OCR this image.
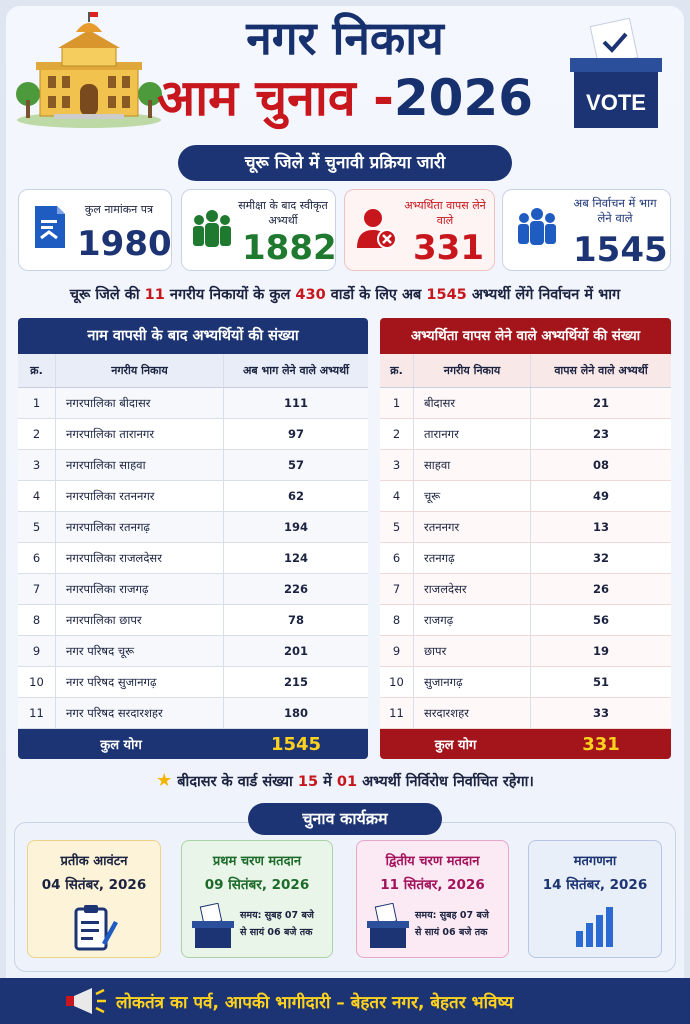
नगर निकाय
आम चुनाव -2026	VOTE
चूरू जिले में चुनावी प्रक्रिया जारी
कुल नामांकन पत्र
1980
समीक्षा के बाद स्वीकृत अभ्यर्थी
1882
अभ्यर्थिता वापस लेने वाले
331
अब निर्वाचन में भाग लेने वाले
1545
चूरू जिले की 11 नगरीय निकायों के कुल 430 वार्डो के लिए अब 1545 अभ्यर्थी लेंगे निर्वाचन में भाग
नाम वापसी के बाद अभ्यर्थियों की संख्या
क्र.	नगरीय निकाय	अब भाग लेने वाले अभ्यर्थी
1	नगरपालिका बीदासर	111
2	नगरपालिका तारानगर	97
3	नगरपालिका साहवा	57
4	नगरपालिका रतननगर	62
5	नगरपालिका रतनगढ़	194
6	नगरपालिका राजलदेसर	124
7	नगरपालिका राजगढ़	226
8	नगरपालिका छापर	78
9	नगर परिषद चूरू	201
10	नगर परिषद सुजानगढ़	215
11	नगर परिषद सरदारशहर	180
कुल योग	1545
अभ्यर्थिता वापस लेने वाले अभ्यर्थियों की संख्या
क्र.	नगरीय निकाय	वापस लेने वाले अभ्यर्थी
1	बीदासर	21
2	तारानगर	23
3	साहवा	08
4	चूरू	49
5	रतननगर	13
6	रतनगढ़	32
7	राजलदेसर	26
8	राजगढ़	56
9	छापर	19
10	सुजानगढ़	51
11	सरदारशहर	33
कुल योग	331
★ बीदासर के वार्ड संख्या 15 में 01 अभ्यर्थी निर्विरोध निर्वाचित रहेगा।
चुनाव कार्यक्रम
प्रतीक आवंटन
04 सितंबर, 2026
प्रथम चरण मतदान
09 सितंबर, 2026
समय: सुबह 07 बजे
से सायं 06 बजे तक
द्वितीय चरण मतदान
11 सितंबर, 2026
समय: सुबह 07 बजे
से सायं 06 बजे तक
मतगणना
14 सितंबर, 2026
लोकतंत्र का पर्व, आपकी भागीदारी – बेहतर नगर, बेहतर भविष्य
